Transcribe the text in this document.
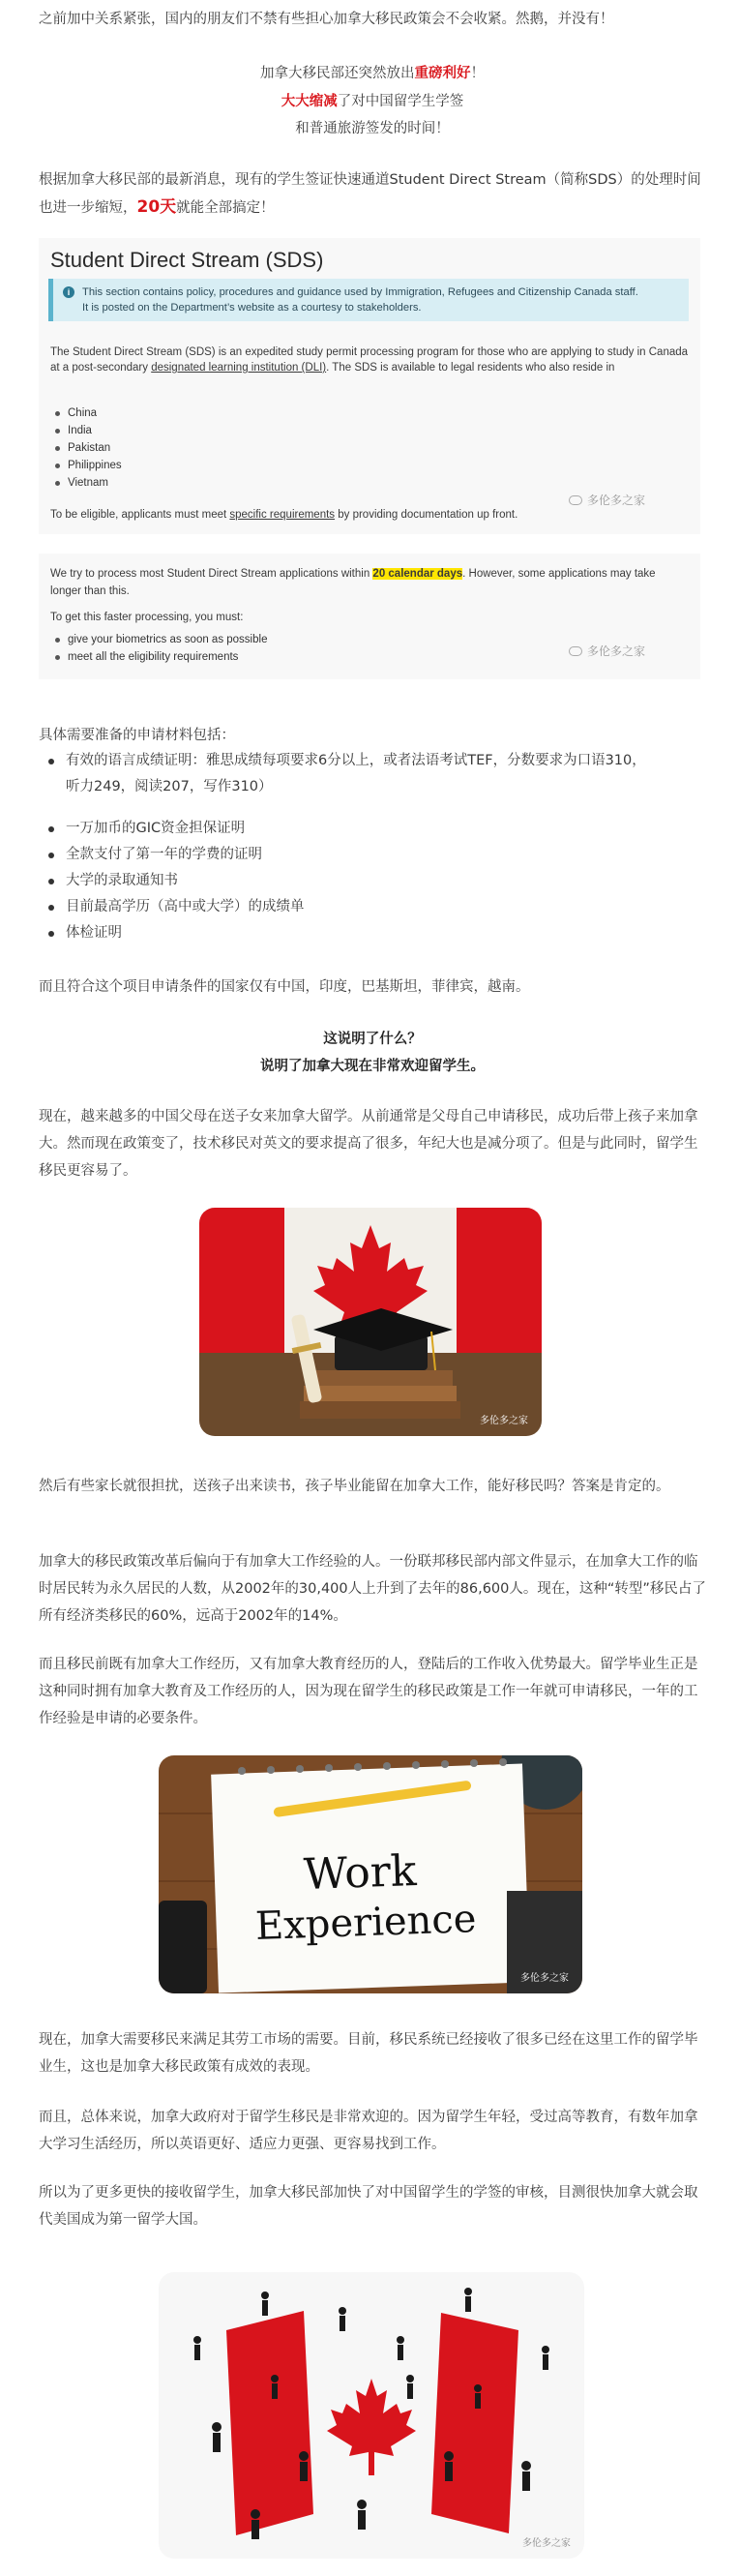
之前加中关系紧张，国内的朋友们不禁有些担心加拿大移民政策会不会收紧。然鹅，并没有！

加拿大移民部还突然放出重磅利好！

大大缩减了对中国留学生学签

和普通旅游签发的时间！

根据加拿大移民部的最新消息，现有的学生签证快速通道Student Direct Stream（简称SDS）的处理时间也进一步缩短，20天就能全部搞定！

Student Direct Stream (SDS)
i	This section contains policy, procedures and guidance used by Immigration, Refugees and Citizenship Canada staff.
It is posted on the Department’s website as a courtesy to stakeholders.

The Student Direct Stream (SDS) is an expedited study permit processing program for those who are applying to study in Canada at a post-secondary designated learning institution (DLI). The SDS is available to legal residents who also reside in

China
India
Pakistan
Philippines
Vietnam

To be eligible, applicants must meet specific requirements by providing documentation up front.

多伦多之家

We try to process most Student Direct Stream applications within 20 calendar days. However, some applications may take longer than this.

To get this faster processing, you must:

give your biometrics as soon as possible
meet all the eligibility requirements	多伦多之家

具体需要准备的申请材料包括：

有效的语言成绩证明：雅思成绩每项要求6分以上，或者法语考试TEF，分数要求为口语310，
听力249，阅读207，写作310）
一万加币的GIC资金担保证明
全款支付了第一年的学费的证明
大学的录取通知书
目前最高学历（高中或大学）的成绩单
体检证明

而且符合这个项目申请条件的国家仅有中国，印度，巴基斯坦，菲律宾，越南。

这说明了什么？

说明了加拿大现在非常欢迎留学生。

现在，越来越多的中国父母在送子女来加拿大留学。从前通常是父母自己申请移民，成功后带上孩子来加拿大。然而现在政策变了，技术移民对英文的要求提高了很多，年纪大也是减分项了。但是与此同时，留学生移民更容易了。

多伦多之家

然后有些家长就很担扰，送孩子出来读书，孩子毕业能留在加拿大工作，能好移民吗？答案是肯定的。

加拿大的移民政策改革后偏向于有加拿大工作经验的人。一份联邦移民部内部文件显示，在加拿大工作的临时居民转为永久居民的人数，从2002年的30,400人上升到了去年的86,600人。现在，这种“转型”移民占了所有经济类移民的60%，远高于2002年的14%。

而且移民前既有加拿大工作经历，又有加拿大教育经历的人，登陆后的工作收入优势最大。留学毕业生正是这种同时拥有加拿大教育及工作经历的人，因为现在留学生的移民政策是工作一年就可申请移民，一年的工作经验是申请的必要条件。

Work
Experience
多伦多之家

现在，加拿大需要移民来满足其劳工市场的需要。目前，移民系统已经接收了很多已经在这里工作的留学毕业生，这也是加拿大移民政策有成效的表现。

而且，总体来说，加拿大政府对于留学生移民是非常欢迎的。因为留学生年轻，受过高等教育，有数年加拿大学习生活经历，所以英语更好、适应力更强、更容易找到工作。

所以为了更多更快的接收留学生，加拿大移民部加快了对中国留学生的学签的审核，目测很快加拿大就会取代美国成为第一留学大国。

多伦多之家
